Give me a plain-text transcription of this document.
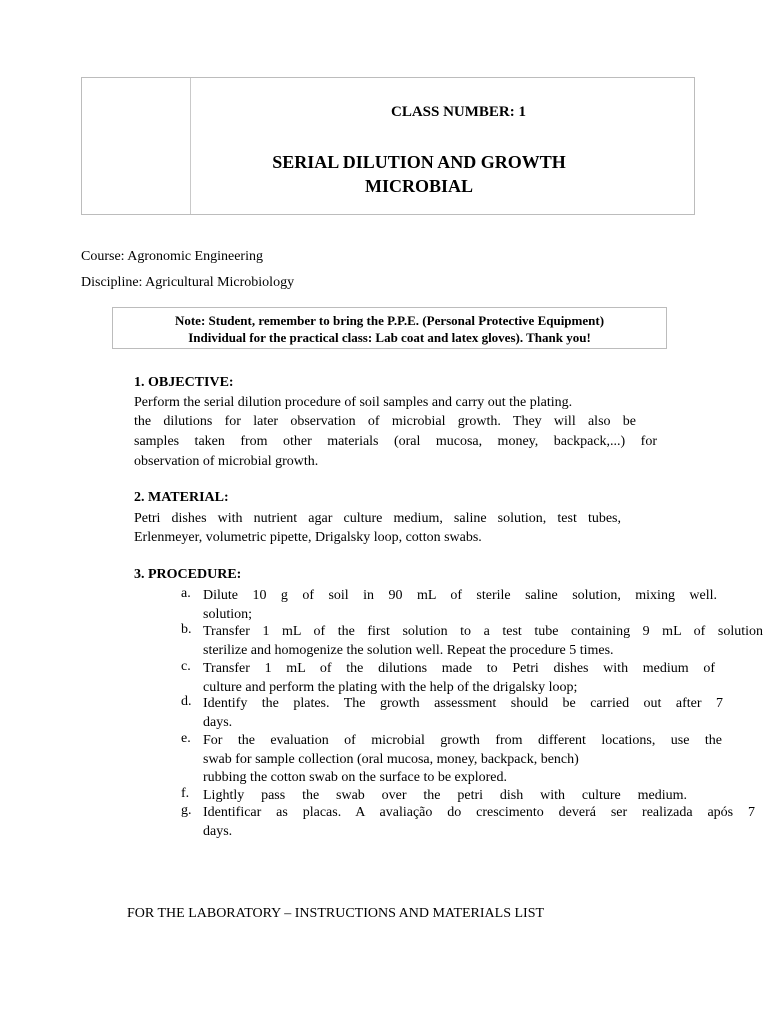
CLASS NUMBER: 1
SERIAL DILUTION AND GROWTH
MICROBIAL
Course: Agronomic Engineering
Discipline: Agricultural Microbiology
Note: Student, remember to bring the P.P.E. (Personal Protective Equipment)
Individual for the practical class: Lab coat and latex gloves). Thank you!
1. OBJECTIVE:
Perform the serial dilution procedure of soil samples and carry out the plating.
the dilutions for later observation of microbial growth. They will also be
samples taken from other materials (oral mucosa, money, backpack,...) for
observation of microbial growth.
2. MATERIAL:
Petri dishes with nutrient agar culture medium, saline solution, test tubes,
Erlenmeyer, volumetric pipette, Drigalsky loop, cotton swabs.
3. PROCEDURE:
a. Dilute 10 g of soil in 90 mL of sterile saline solution, mixing well.
solution;
b. Transfer 1 mL of the first solution to a test tube containing 9 mL of solution
sterilize and homogenize the solution well. Repeat the procedure 5 times.
c. Transfer 1 mL of the dilutions made to Petri dishes with medium of
culture and perform the plating with the help of the drigalsky loop;
d. Identify the plates. The growth assessment should be carried out after 7
days.
e. For the evaluation of microbial growth from different locations, use the
swab for sample collection (oral mucosa, money, backpack, bench)
rubbing the cotton swab on the surface to be explored.
f. Lightly pass the swab over the petri dish with culture medium.
g. Identificar as placas. A avaliação do crescimento deverá ser realizada após 7
days.
FOR THE LABORATORY – INSTRUCTIONS AND MATERIALS LIST
